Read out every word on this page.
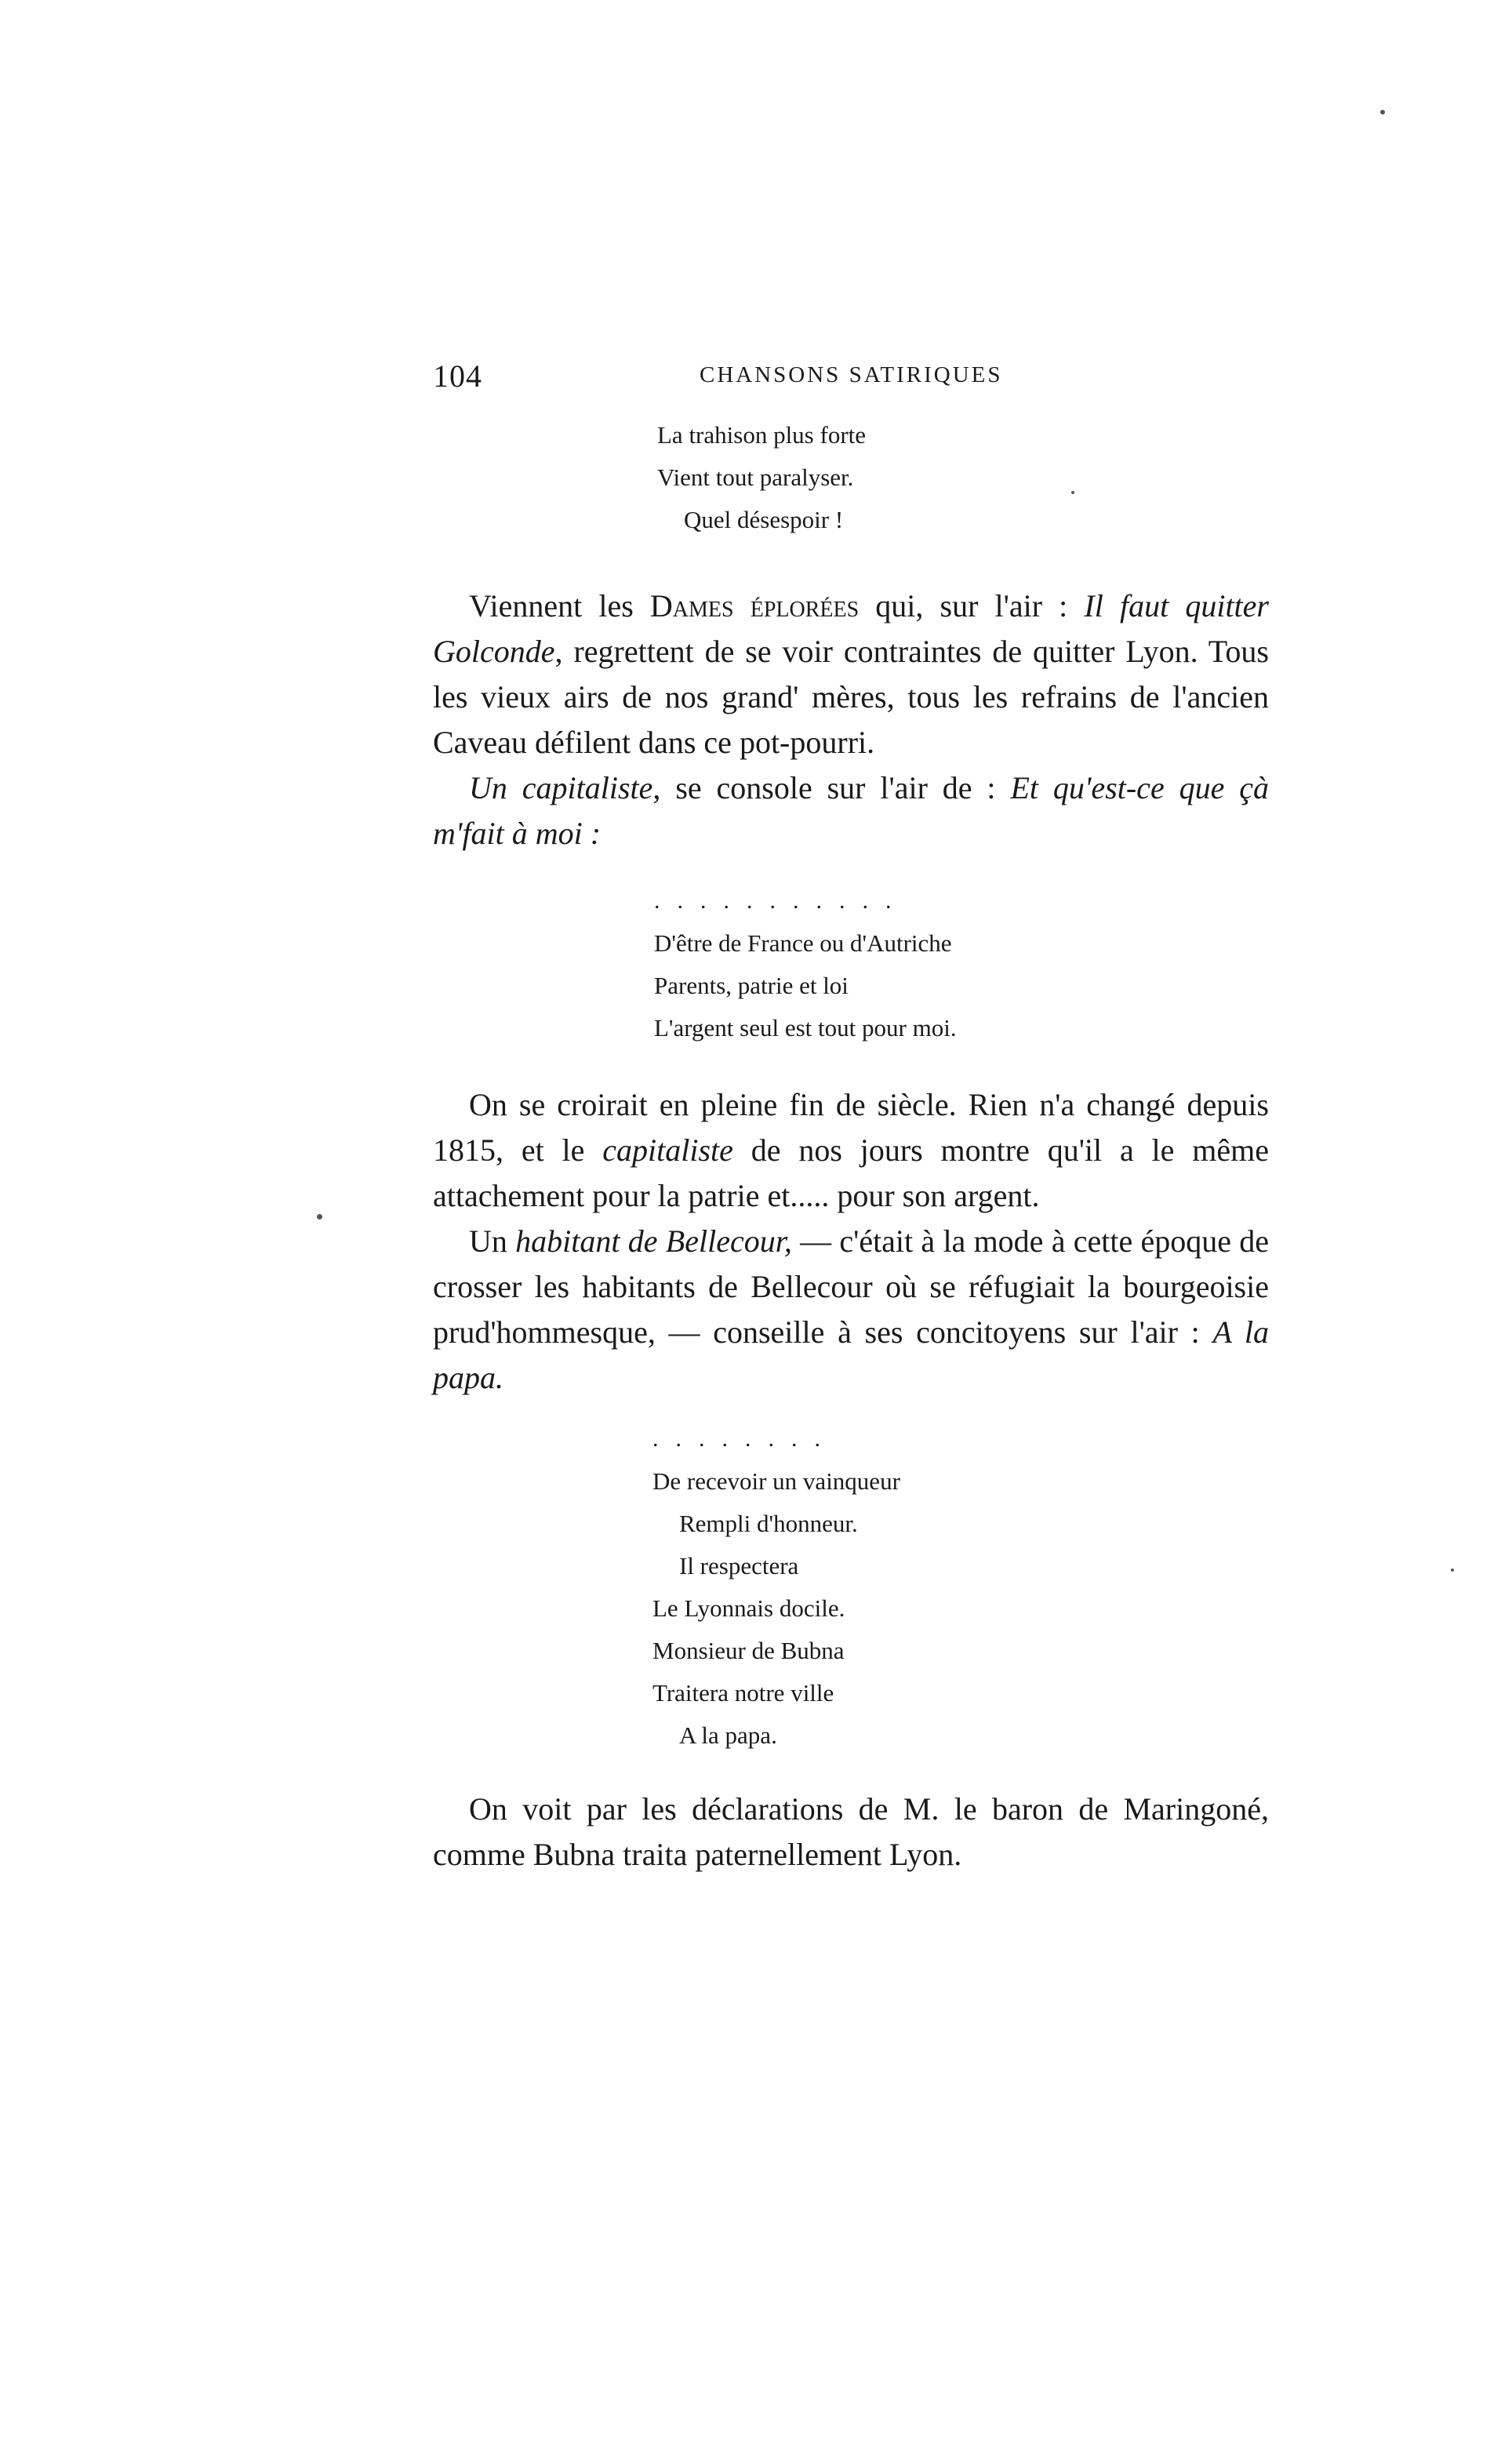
104	CHANSONS SATIRIQUES
La trahison plus forte
Vient tout paralyser.
Quel désespoir !

Viennent les Dames éplorées qui, sur l'air : Il faut quitter Golconde, regrettent de se voir contraintes de quitter Lyon. Tous les vieux airs de nos grand' mères, tous les refrains de l'ancien Caveau défilent dans ce pot-pourri.

Un capitaliste, se console sur l'air de : Et qu'est-ce que çà m'fait à moi :

...........
D'être de France ou d'Autriche
Parents, patrie et loi
L'argent seul est tout pour moi.

On se croirait en pleine fin de siècle. Rien n'a changé depuis 1815, et le capitaliste de nos jours montre qu'il a le même attachement pour la patrie et..... pour son argent.

Un habitant de Bellecour, — c'était à la mode à cette époque de crosser les habitants de Bellecour où se réfugiait la bourgeoisie prud'hommesque, — conseille à ses concitoyens sur l'air : A la papa.

........
De recevoir un vainqueur
Rempli d'honneur.
Il respectera
Le Lyonnais docile.
Monsieur de Bubna
Traitera notre ville
A la papa.

On voit par les déclarations de M. le baron de Maringoné, comme Bubna traita paternellement Lyon.
